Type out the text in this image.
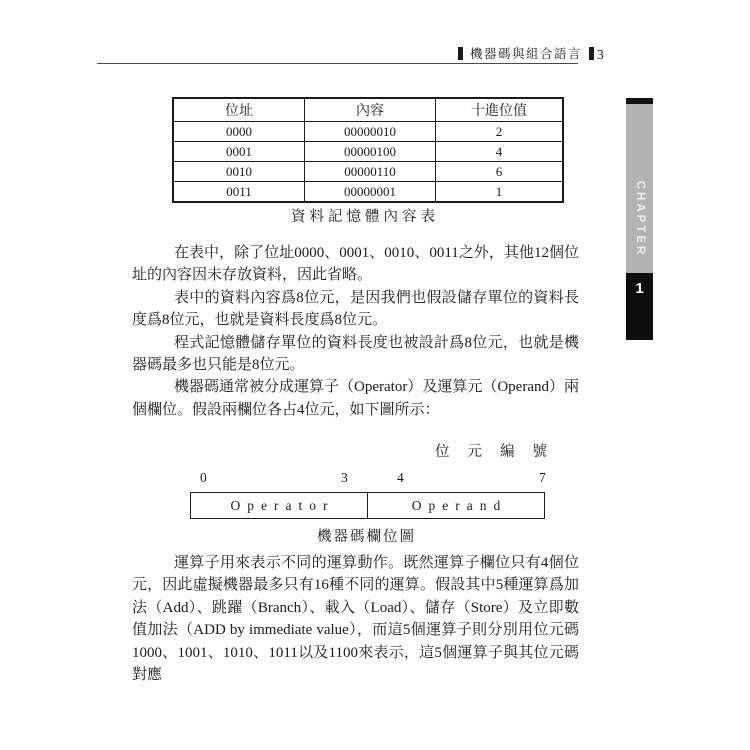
機器碼與組合語言 3
CHAPTER
1
位址	內容	十進位值
0000	00000010	2
0001	00000100	4
0010	00000110	6
0011	00000001	1
資料記憶體內容表

在表中，除了位址0000、0001、0010、0011之外，其他12個位址的內容因未存放資料，因此省略。

表中的資料內容爲8位元，是因我們也假設儲存單位的資料長度爲8位元，也就是資料長度爲8位元。

程式記憶體儲存單位的資料長度也被設計爲8位元，也就是機器碼最多也只能是8位元。

機器碼通常被分成運算子（Operator）及運算元（Operand）兩個欄位。假設兩欄位各占4位元，如下圖所示：

位元編號
0	3	4	7
Operator	Operand
機器碼欄位圖

運算子用來表示不同的運算動作。既然運算子欄位只有4個位元，因此虛擬機器最多只有16種不同的運算。假設其中5種運算爲加法（Add）、跳躍（Branch）、載入（Load）、儲存（Store）及立即數值加法（ADD by immediate value），而這5個運算子則分別用位元碼1000、1001、1010、1011以及1100來表示，這5個運算子與其位元碼對應
